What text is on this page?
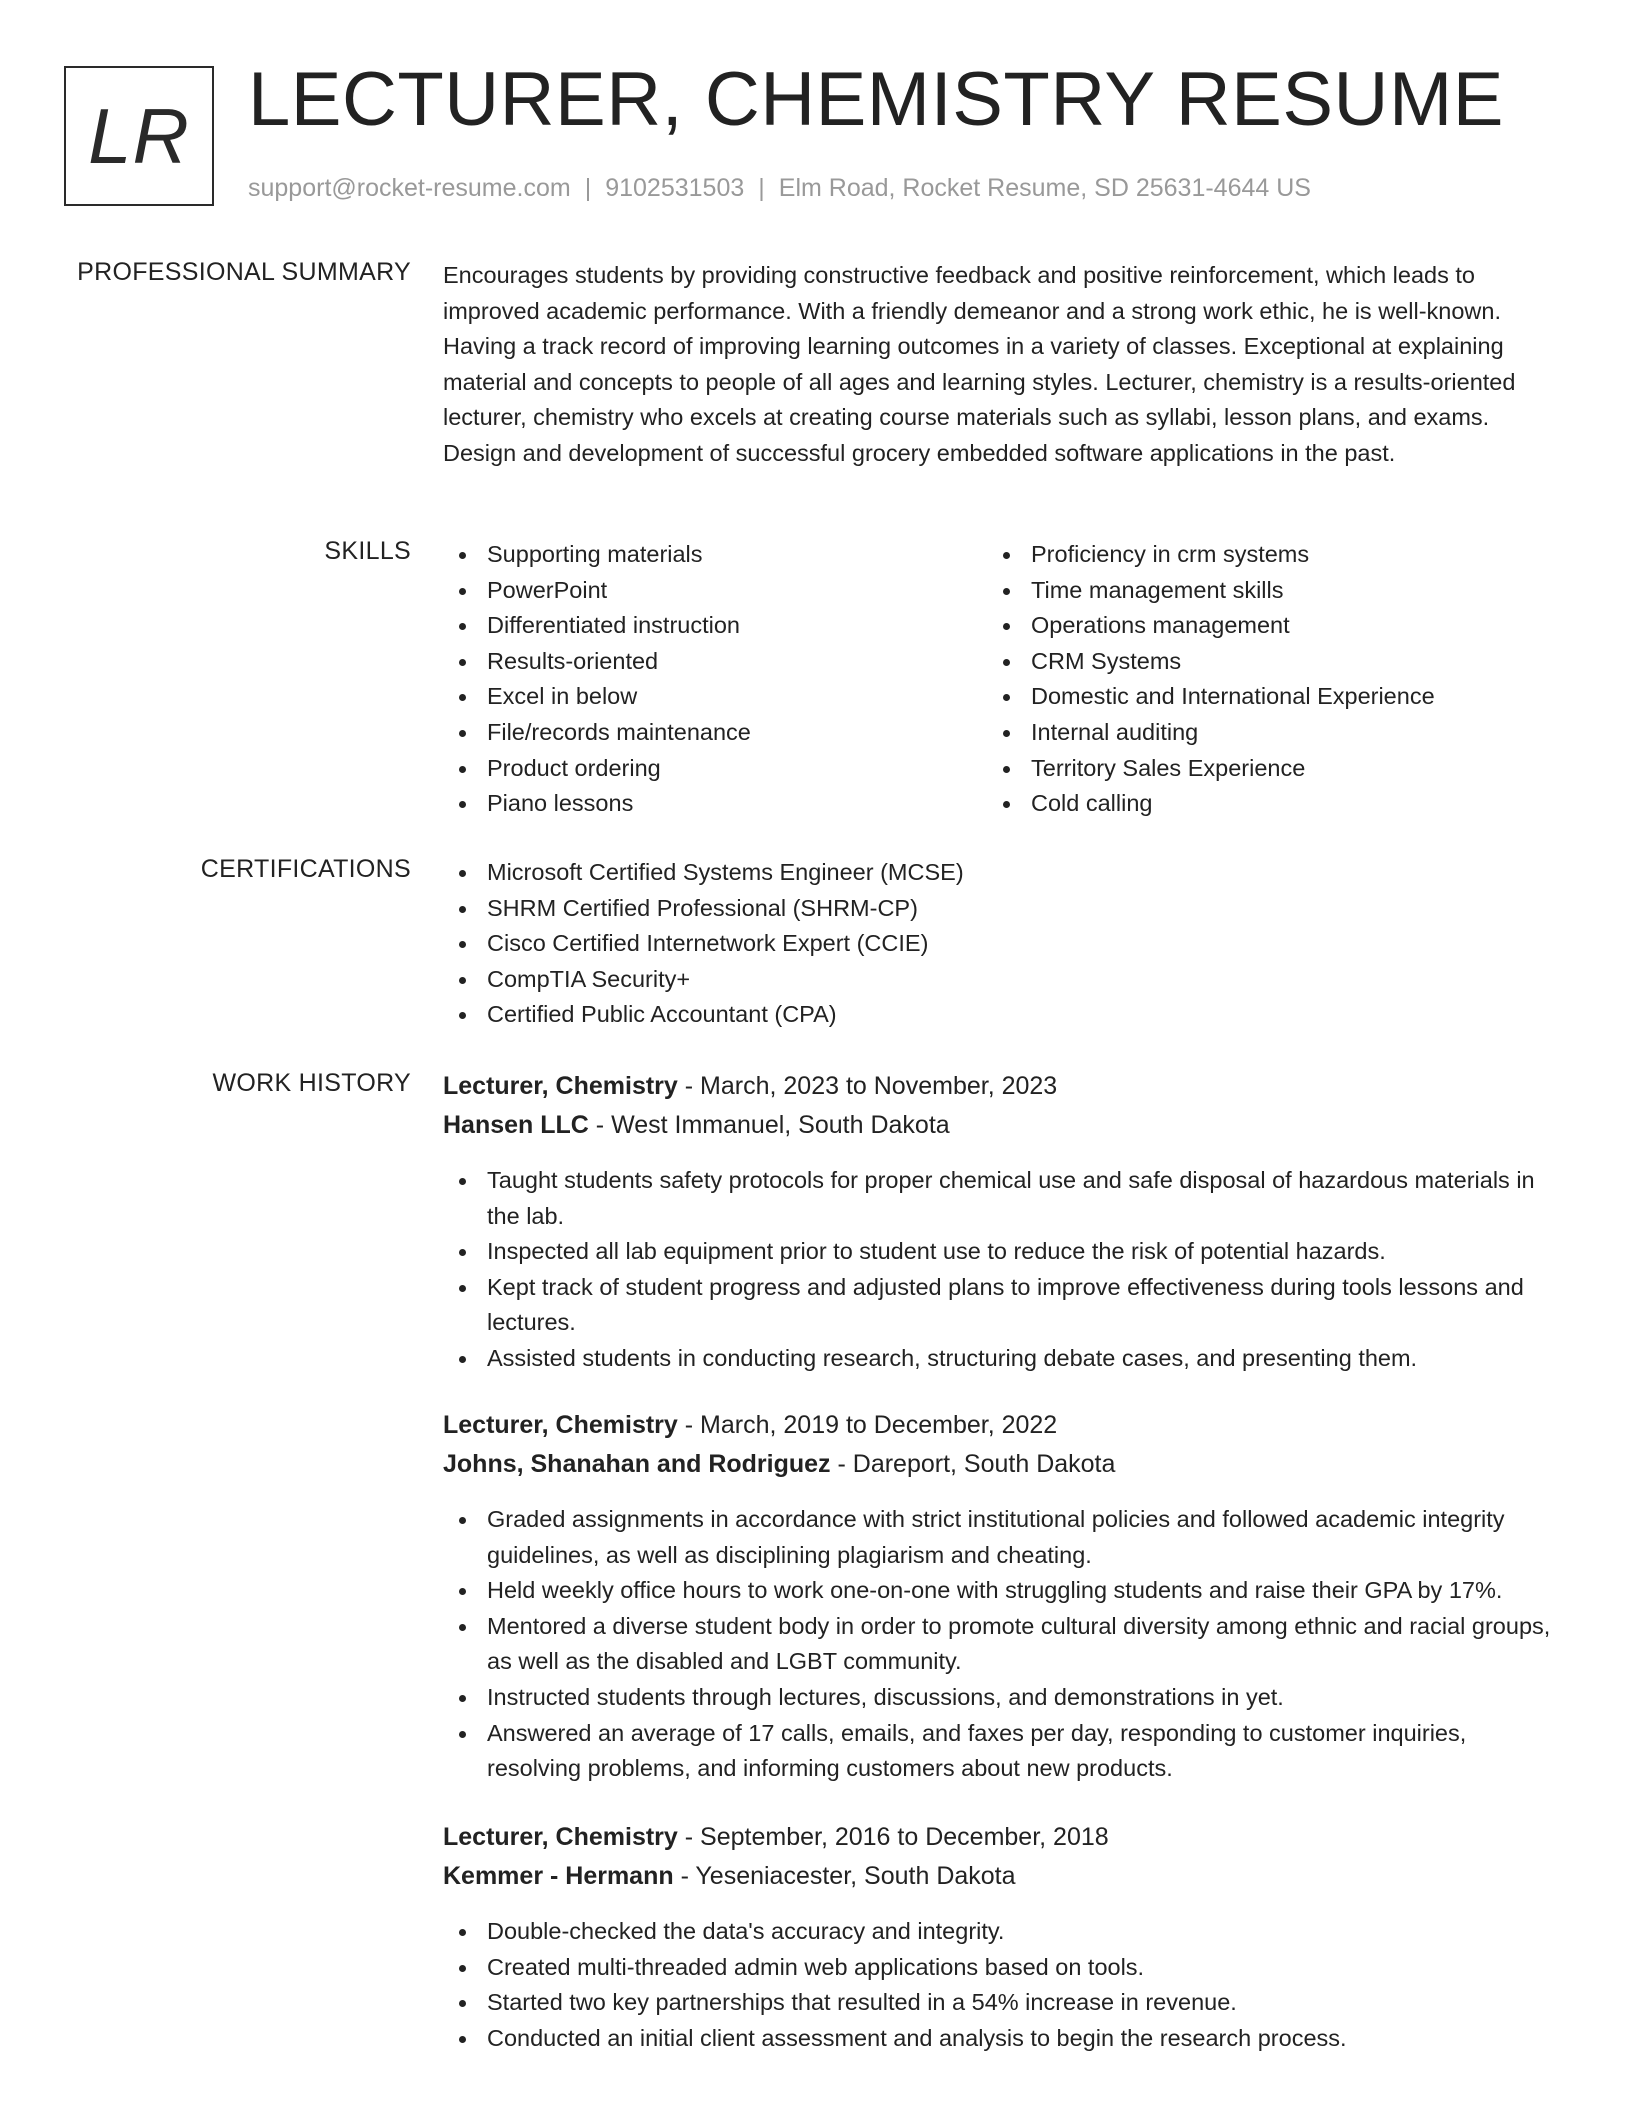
LR LECTURER, CHEMISTRY RESUME
support@rocket-resume.com | 9102531503 | Elm Road, Rocket Resume, SD 25631-4644 US
PROFESSIONAL SUMMARY Encourages students by providing constructive feedback and positive reinforcement, which leads to improved academic performance. With a friendly demeanor and a strong work ethic, he is well-known. Having a track record of improving learning outcomes in a variety of classes. Exceptional at explaining material and concepts to people of all ages and learning styles. Lecturer, chemistry is a results-oriented lecturer, chemistry who excels at creating course materials such as syllabi, lesson plans, and exams. Design and development of successful grocery embedded software applications in the past.
SKILLS	Supporting materials
PowerPoint
Differentiated instruction
Results-oriented
Excel in below
File/records maintenance
Product ordering
Piano lessons
Proficiency in crm systems
Time management skills
Operations management
CRM Systems
Domestic and International Experience
Internal auditing
Territory Sales Experience
Cold calling
CERTIFICATIONS	Microsoft Certified Systems Engineer (MCSE)
SHRM Certified Professional (SHRM-CP)
Cisco Certified Internetwork Expert (CCIE)
CompTIA Security+
Certified Public Accountant (CPA)
WORK HISTORY Lecturer, Chemistry - March, 2023 to November, 2023
Hansen LLC - West Immanuel, South Dakota
Taught students safety protocols for proper chemical use and safe disposal of hazardous materials in the lab.
Inspected all lab equipment prior to student use to reduce the risk of potential hazards.
Kept track of student progress and adjusted plans to improve effectiveness during tools lessons and lectures.
Assisted students in conducting research, structuring debate cases, and presenting them.
Lecturer, Chemistry - March, 2019 to December, 2022
Johns, Shanahan and Rodriguez - Dareport, South Dakota
Graded assignments in accordance with strict institutional policies and followed academic integrity guidelines, as well as disciplining plagiarism and cheating.
Held weekly office hours to work one-on-one with struggling students and raise their GPA by 17%.
Mentored a diverse student body in order to promote cultural diversity among ethnic and racial groups, as well as the disabled and LGBT community.
Instructed students through lectures, discussions, and demonstrations in yet.
Answered an average of 17 calls, emails, and faxes per day, responding to customer inquiries, resolving problems, and informing customers about new products.
Lecturer, Chemistry - September, 2016 to December, 2018
Kemmer - Hermann - Yeseniacester, South Dakota
Double-checked the data's accuracy and integrity.
Created multi-threaded admin web applications based on tools.
Started two key partnerships that resulted in a 54% increase in revenue.
Conducted an initial client assessment and analysis to begin the research process.
